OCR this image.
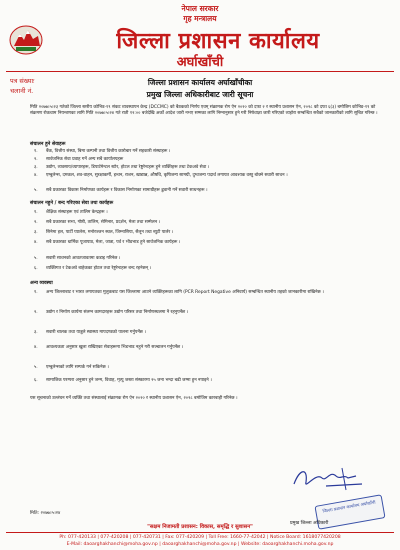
नेपाल सरकार
गृह मन्त्रालय
जिल्ला प्रशासन कार्यालय
अर्घाखाँची
पत्र संख्याः
चलानी नं.
जिल्ला प्रशासन कार्यालय अर्घाखाँचीका
प्रमुख जिल्ला अधिकारीबाट जारी सूचना
मिति २०७७।५।२३ गतेको जिल्ला स्तरीय कोभिड-१९ संकट व्यवस्थापन केन्द्र (DCCMC) को बैठकको निर्णय एवम् संक्रामक रोग ऐन २०२० को दफा २ र स्थानीय प्रशासन ऐन, २०२८ को दफा ६(३) बमोजिम कोभिड-१९ को संक्रमण रोकथाम नियन्त्रणका लागि मिति २०७७।५।२४ गते राती १२:०० बजेदेखि अर्को आदेश जारी नभए सम्मका लागि निम्नानुसार हुने गरी निषेधाज्ञा जारी गरिएको व्यहोरा सम्बन्धित सबैको जानकारीको लागि सूचित गरिन्छ ।
संचालन हुने सेवाहरू
१.	बैंक, वित्तीय संस्था, बिमा कम्पनी तथा वित्तीय कारोबार गर्ने सहकारी संस्थाहरू ।
२.	सार्वजनिक सेवा प्रवाह गर्ने अन्य सबै कार्यालयहरू
३.	उद्योग, व्यवसाय/व्यापारहरू, डिपार्टमेन्टल स्टोर, होटल तथा रेष्टुरेन्टहरू हुने व्यक्तिहरू तथा टेकअवे सेवा ।
४.	एम्बुलेन्स, दमकल, शव-वाहन, सुरक्षाकर्मी, इन्धन, राशन, खाद्यान्न, औषधि, कृषिजन्य सामग्री, दुग्धजन्य पदार्थ लगायत आवश्यक वस्तु बोक्ने सवारी साधन ।
५.	सबै प्रकारका विकास निर्माणका कार्यहरू र विकास निर्माणका सामाग्रीहरू ढुवानी गर्ने सवारी साधनहरू ।
संचालन नहुने / बन्द गरिएका सेवा तथा कार्यहरू
१.	शैक्षिक संस्थाहरू एवं तालिम केन्द्रहरू ।
२.	सबै प्रकारका सभा, गोष्ठी, तालिम, सेमिनार, प्रदर्शन, मेला तथा सम्मेलन ।
३.	सिनेमा हल, पार्टी प्यालेस, मनोरञ्जन स्थल, जिम्नासिया, सैलून तथा ब्युटी पार्लर ।
४.	सबै प्रकारका धार्मिक पूजापाठ, मेला, जात्रा, पर्व र भीडभाड हुने सार्वजनिक कार्यहरू ।
५.	सवारी साधनको आवतजावतमा कडाइ गरिनेछ ।
६.	व्यक्तिगत र टेकअवे बाहेकका होटल तथा रेष्टुरेन्टहरू बन्द रहनेछन् ।
अन्य व्यवस्था
१.	अन्य जिल्लाबाट र भारत लगायतका मुलुकबाट यस जिल्लामा आउने व्यक्तिहरूका लागि (PCR Report Negative अनिवार्य) सम्बन्धित स्थानीय तहको जानकारीमा राखिनेछ ।
२.	उद्योग र निर्माण कार्यमा संलग्न कामदारहरू उद्योग परिसर तथा निर्माणस्थलमा नै रहनुपर्नेछ ।
३.	सवारी चालक तथा यात्रुले स्वास्थ्य मापदण्डको पालना गर्नुपर्नेछ ।
४.	आवश्यकता अनुसार खुला राखिएका सेवाहरूमा भिडभाड नहुने गरी सञ्चालन गर्नुपर्नेछ ।
५.	एम्बुलेन्सको लागि सम्पर्क गर्न सकिनेछ ।
६.	सामाजिक परम्परा अनुसार हुने जन्म, विवाह, मृत्यु जस्ता संस्कारमा २५ जना भन्दा बढी जम्मा हुन नपाइने ।
यस सूचनाको उल्लंघन गर्ने व्यक्ति तथा संस्थालाई संक्रामक रोग ऐन २०२० र स्थानीय प्रशासन ऐन, २०२८ बमोजिम कारबाही गरिनेछ ।
जिल्ला प्रशासन कार्यालय अर्घाखाँची
मिति: २०७७।५।२४
प्रमुख जिल्ला अधिकारी
"सक्षम निजामती प्रशासन: विकास, समृद्धि र सुशासन"
Ph: 077-420133 | 077-420208 | 077-420731 | Fax: 077-420209 | Toll Free: 1660-77-42042 | Notice Board: 1618077420208
E-Mail: daoarghakhanchi@moha.gov.np | daoarghakhanchi@moha.gov.np | Website: daoarghakhanchi.moha.gov.np
